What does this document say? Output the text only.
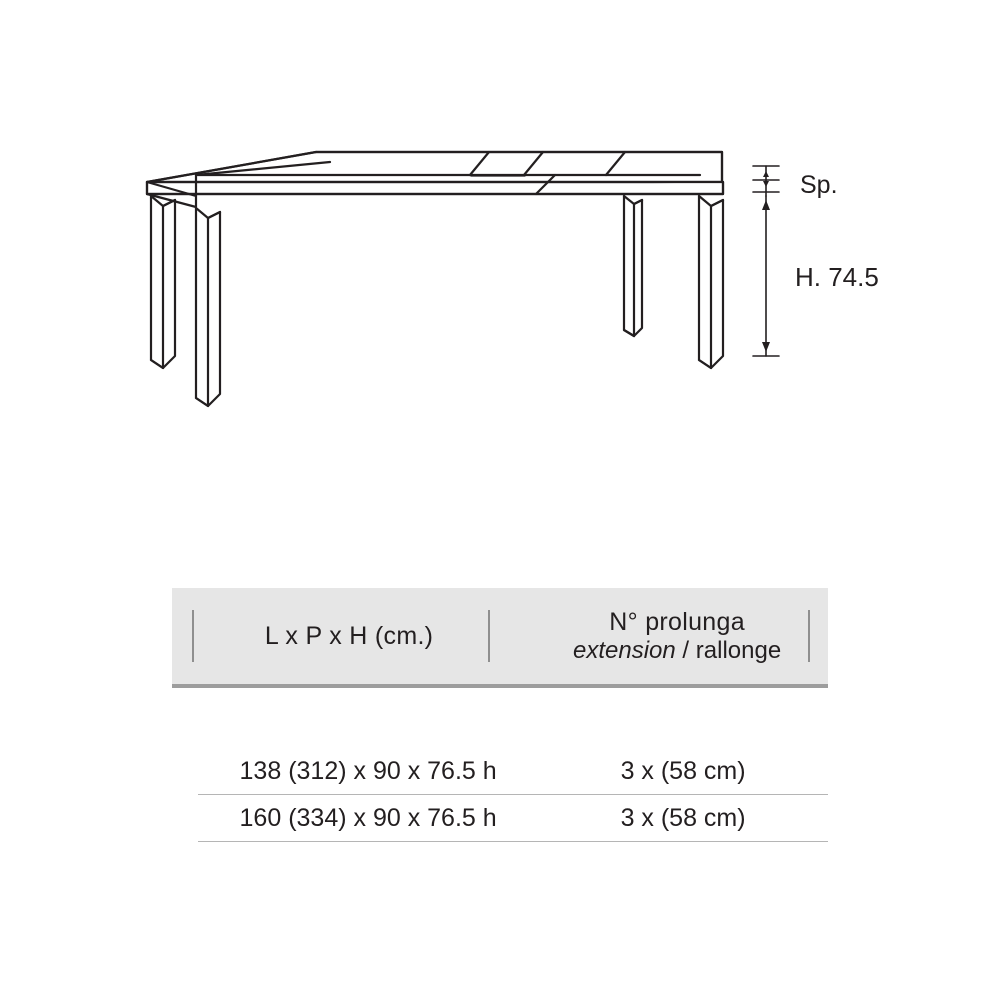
Sp.
H. 74.5
L x P x H (cm.)	N° prolunga
extension / rallonge
138 (312) x 90 x 76.5 h	3 x (58 cm)
160 (334) x 90 x 76.5 h	3 x (58 cm)
